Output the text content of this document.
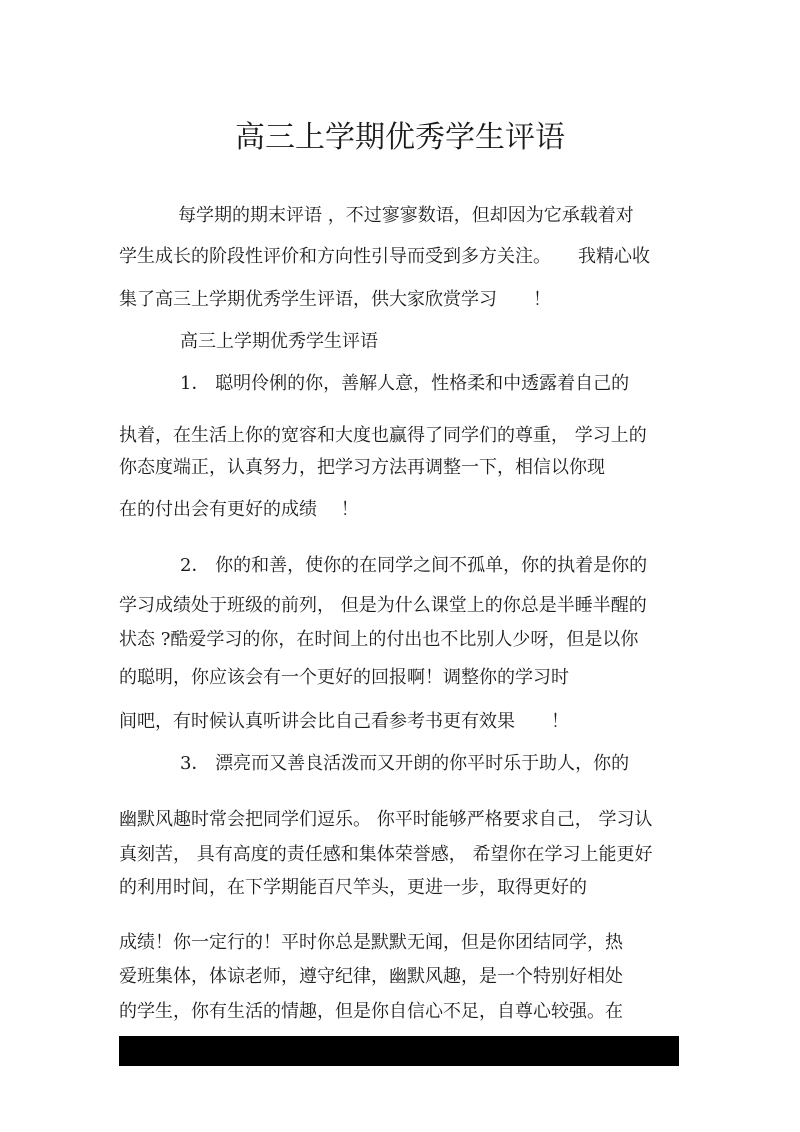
高三上学期优秀学生评语
每学期的期末评语 ，不过寥寥数语，但却因为它承载着对
学生成长的阶段性评价和方向性引导而受到多方关注。　　我精心收
集了高三上学期优秀学生评语，供大家欣赏学习　　！
高三上学期优秀学生评语
1． 聪明伶俐的你，善解人意，性格柔和中透露着自己的
执着，在生活上你的宽容和大度也赢得了同学们的尊重， 学习上的
你态度端正，认真努力，把学习方法再调整一下，相信以你现
在的付出会有更好的成绩 　！
2． 你的和善，使你的在同学之间不孤单，你的执着是你的
学习成绩处于班级的前列， 但是为什么课堂上的你总是半睡半醒的
状态 ?酷爱学习的你，在时间上的付出也不比别人少呀，但是以你
的聪明，你应该会有一个更好的回报啊！调整你的学习时
间吧，有时候认真听讲会比自己看参考书更有效果　　！
3． 漂亮而又善良活泼而又开朗的你平时乐于助人，你的
幽默风趣时常会把同学们逗乐。 你平时能够严格要求自己， 学习认
真刻苦， 具有高度的责任感和集体荣誉感， 希望你在学习上能更好
的利用时间，在下学期能百尺竿头，更进一步，取得更好的
成绩！你一定行的！平时你总是默默无闻，但是你团结同学，热
爱班集体，体谅老师，遵守纪律，幽默风趣，是一个特别好相处
的学生，你有生活的情趣，但是你自信心不足，自尊心较强。在
